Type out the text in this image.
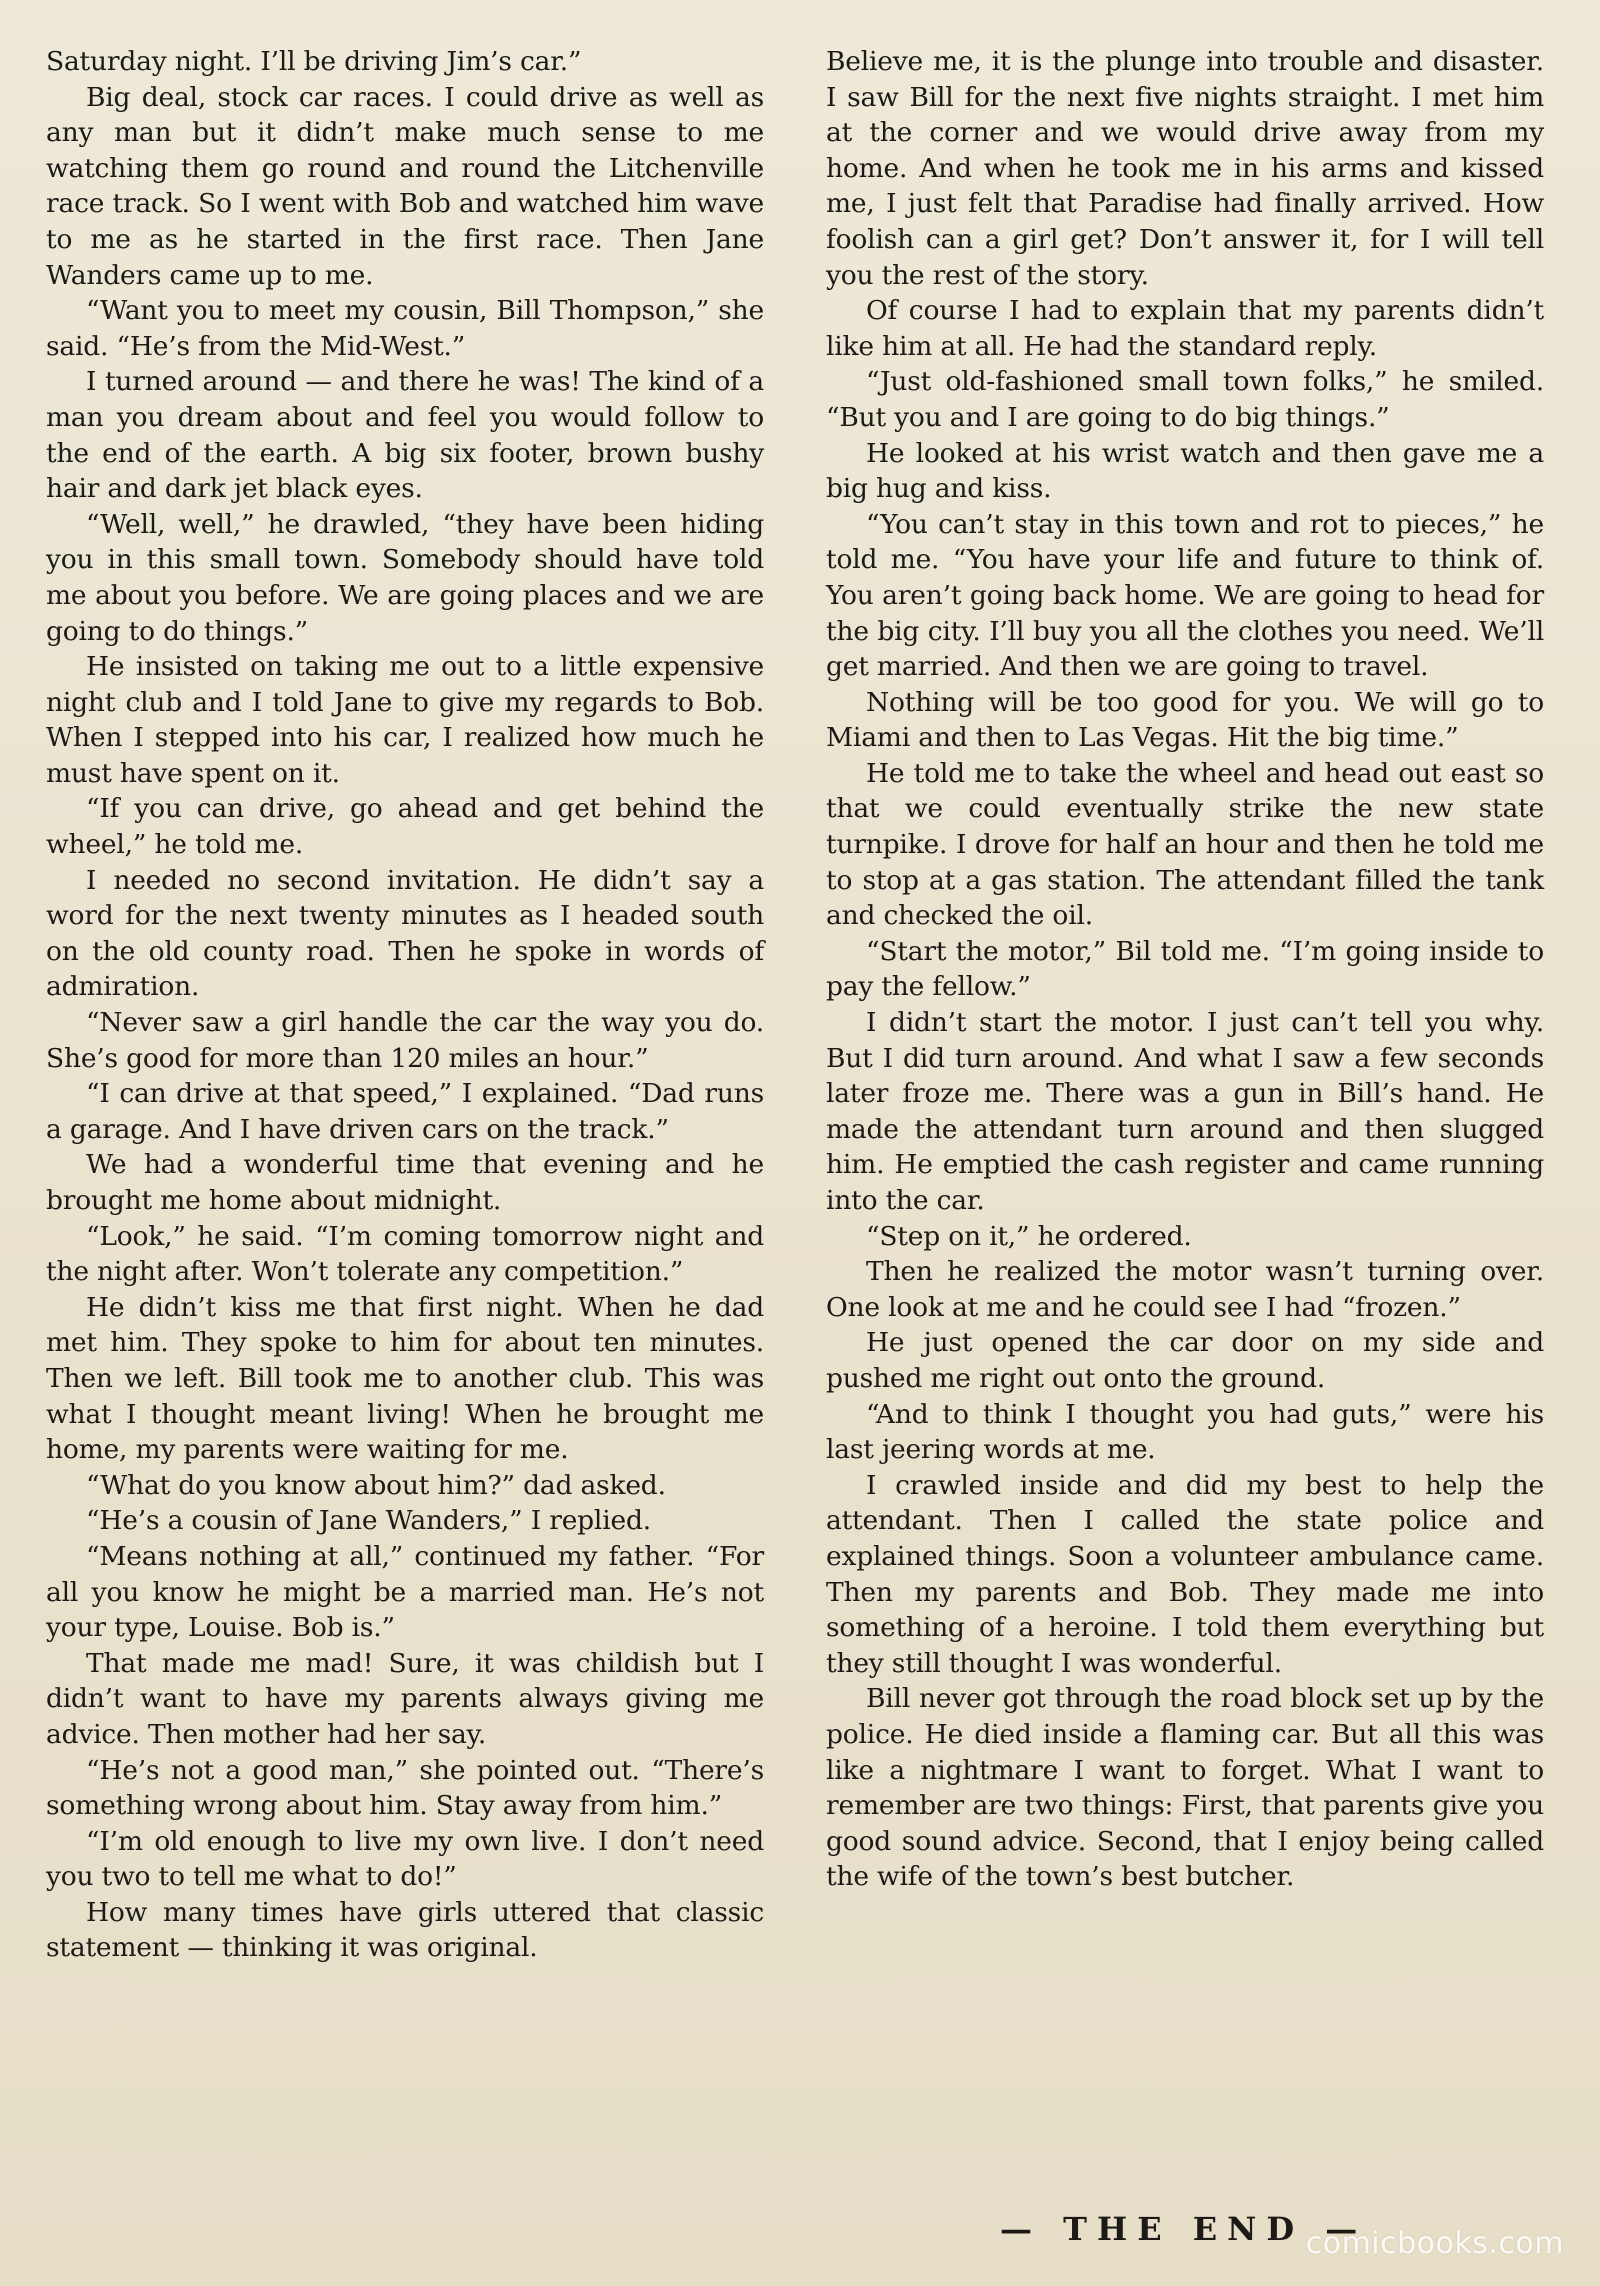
Saturday night. I’ll be driving Jim’s car.”

Big deal, stock car races. I could drive as well as any man but it didn’t make much sense to me watching them go round and round the Litchenville race track. So I went with Bob and watched him wave to me as he started in the first race. Then Jane Wanders came up to me.

“Want you to meet my cousin, Bill Thompson,” she said. “He’s from the Mid-West.”

I turned around — and there he was! The kind of a man you dream about and feel you would follow to the end of the earth. A big six footer, brown bushy hair and dark jet black eyes.

“Well, well,” he drawled, “they have been hiding you in this small town. Somebody should have told me about you before. We are going places and we are going to do things.”

He insisted on taking me out to a little expensive night club and I told Jane to give my regards to Bob. When I stepped into his car, I realized how much he must have spent on it.

“If you can drive, go ahead and get behind the wheel,” he told me.

I needed no second invitation. He didn’t say a word for the next twenty minutes as I headed south on the old county road. Then he spoke in words of admiration.

“Never saw a girl handle the car the way you do. She’s good for more than 120 miles an hour.”

“I can drive at that speed,” I explained. “Dad runs a garage. And I have driven cars on the track.”

We had a wonderful time that evening and he brought me home about midnight.

“Look,” he said. “I’m coming tomorrow night and the night after. Won’t tolerate any competition.”

He didn’t kiss me that first night. When he dad met him. They spoke to him for about ten minutes. Then we left. Bill took me to another club. This was what I thought meant living! When he brought me home, my parents were waiting for me.

“What do you know about him?” dad asked.

“He’s a cousin of Jane Wanders,” I replied.

“Means nothing at all,” continued my father. “For all you know he might be a married man. He’s not your type, Louise. Bob is.”

That made me mad! Sure, it was childish but I didn’t want to have my parents always giving me advice. Then mother had her say.

“He’s not a good man,” she pointed out. “There’s something wrong about him. Stay away from him.”

“I’m old enough to live my own live. I don’t need you two to tell me what to do!”

How many times have girls uttered that classic statement — thinking it was original.

Believe me, it is the plunge into trouble and disaster. I saw Bill for the next five nights straight. I met him at the corner and we would drive away from my home. And when he took me in his arms and kissed me, I just felt that Paradise had finally arrived. How foolish can a girl get? Don’t answer it, for I will tell you the rest of the story.

Of course I had to explain that my parents didn’t like him at all. He had the standard reply.

“Just old-fashioned small town folks,” he smiled. “But you and I are going to do big things.”

He looked at his wrist watch and then gave me a big hug and kiss.

“You can’t stay in this town and rot to pieces,” he told me. “You have your life and future to think of. You aren’t going back home. We are going to head for the big city. I’ll buy you all the clothes you need. We’ll get married. And then we are going to travel.

Nothing will be too good for you. We will go to Miami and then to Las Vegas. Hit the big time.”

He told me to take the wheel and head out east so that we could eventually strike the new state turnpike. I drove for half an hour and then he told me to stop at a gas station. The attendant filled the tank and checked the oil.

“Start the motor,” Bil told me. “I’m going inside to pay the fellow.”

I didn’t start the motor. I just can’t tell you why. But I did turn around. And what I saw a few seconds later froze me. There was a gun in Bill’s hand. He made the attendant turn around and then slugged him. He emptied the cash register and came running into the car.

“Step on it,” he ordered.

Then he realized the motor wasn’t turning over. One look at me and he could see I had “frozen.”

He just opened the car door on my side and pushed me right out onto the ground.

“And to think I thought you had guts,” were his last jeering words at me.

I crawled inside and did my best to help the attendant. Then I called the state police and explained things. Soon a volunteer ambulance came. Then my parents and Bob. They made me into something of a heroine. I told them everything but they still thought I was wonderful.

Bill never got through the road block set up by the police. He died inside a flaming car. But all this was like a nightmare I want to forget. What I want to remember are two things: First, that parents give you good sound advice. Second, that I enjoy being called the wife of the town’s best butcher.

— THE END —
comicbooks.com
